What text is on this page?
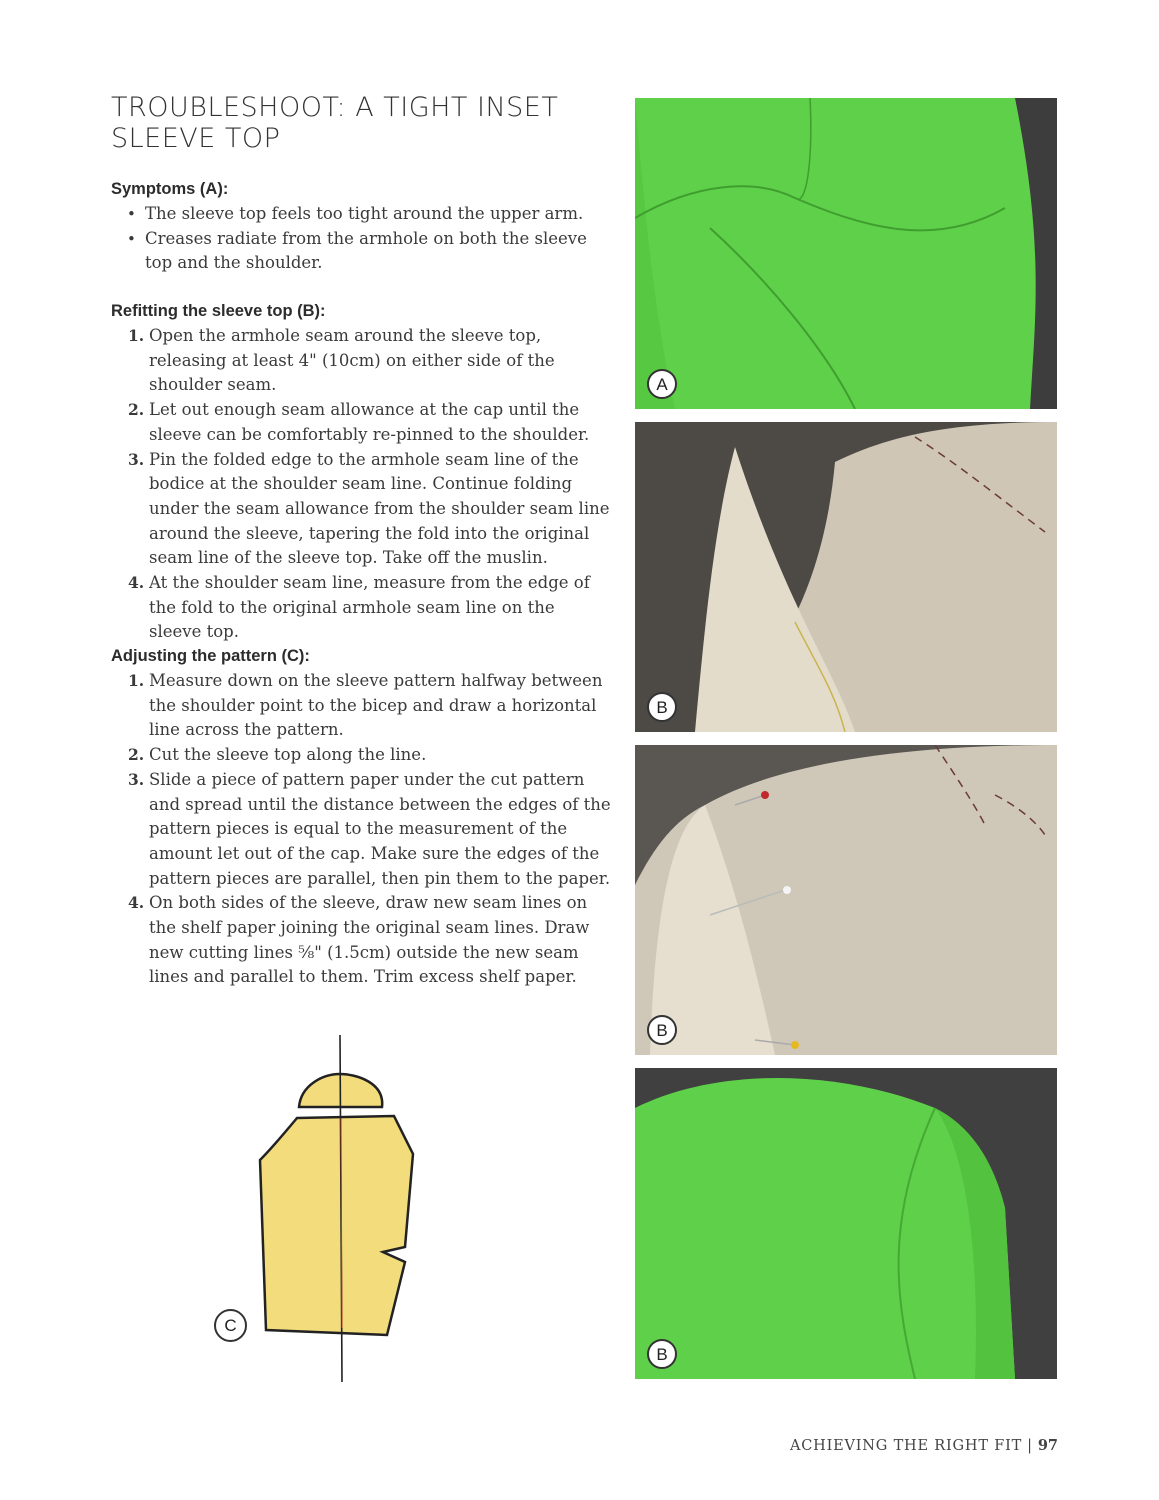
TROUBLESHOOT: A TIGHT INSET SLEEVE TOP

Symptoms (A):

• The sleeve top feels too tight around the upper arm.
• Creases radiate from the armhole on both the sleeve top and the shoulder.

Refitting the sleeve top (B):

1. Open the armhole seam around the sleeve top, releasing at least 4" (10cm) on either side of the shoulder seam.
2. Let out enough seam allowance at the cap until the sleeve can be comfortably re-pinned to the shoulder.
3. Pin the folded edge to the armhole seam line of the bodice at the shoulder seam line. Continue folding under the seam allowance from the shoulder seam line around the sleeve, tapering the fold into the original seam line of the sleeve top. Take off the muslin.
4. At the shoulder seam line, measure from the edge of the fold to the original armhole seam line on the sleeve top.

Adjusting the pattern (C):

1. Measure down on the sleeve pattern halfway between the shoulder point to the bicep and draw a horizontal line across the pattern.
2. Cut the sleeve top along the line.
3. Slide a piece of pattern paper under the cut pattern and spread until the distance between the edges of the pattern pieces is equal to the measurement of the amount let out of the cap. Make sure the edges of the pattern pieces are parallel, then pin them to the paper.
4. On both sides of the sleeve, draw new seam lines on the shelf paper joining the original seam lines. Draw new cutting lines ⅝" (1.5cm) outside the new seam lines and parallel to them. Trim excess shelf paper.
C
A
B
B
B
ACHIEVING THE RIGHT FIT | 97
